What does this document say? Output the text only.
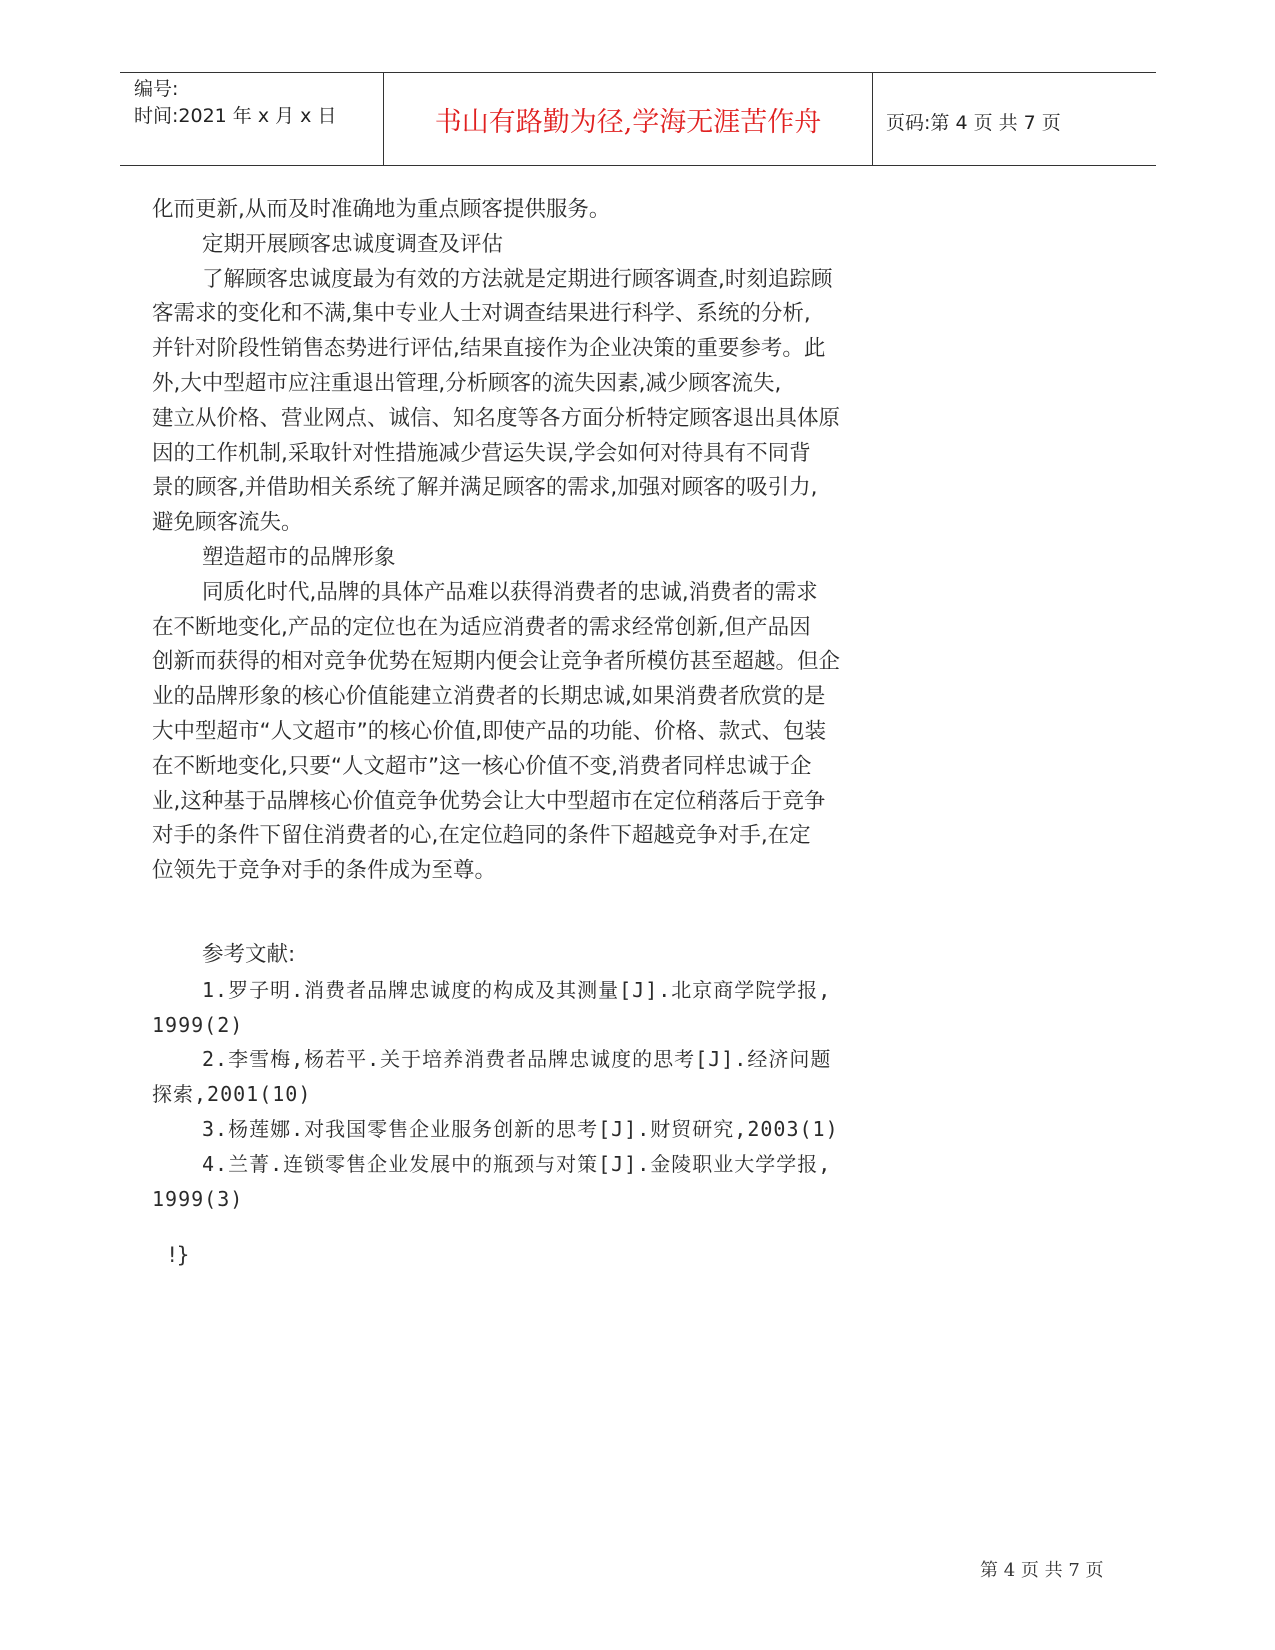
编号:
时间:2021 年 x 月 x 日	书山有路勤为径,学海无涯苦作舟	页码:第 4 页 共 7 页
化而更新,从而及时准确地为重点顾客提供服务。
定期开展顾客忠诚度调查及评估
了解顾客忠诚度最为有效的方法就是定期进行顾客调查,时刻追踪顾
客需求的变化和不满,集中专业人士对调查结果进行科学、系统的分析,
并针对阶段性销售态势进行评估,结果直接作为企业决策的重要参考。此
外,大中型超市应注重退出管理,分析顾客的流失因素,减少顾客流失,
建立从价格、营业网点、诚信、知名度等各方面分析特定顾客退出具体原
因的工作机制,采取针对性措施减少营运失误,学会如何对待具有不同背
景的顾客,并借助相关系统了解并满足顾客的需求,加强对顾客的吸引力,
避免顾客流失。
塑造超市的品牌形象
同质化时代,品牌的具体产品难以获得消费者的忠诚,消费者的需求
在不断地变化,产品的定位也在为适应消费者的需求经常创新,但产品因
创新而获得的相对竞争优势在短期内便会让竞争者所模仿甚至超越。但企
业的品牌形象的核心价值能建立消费者的长期忠诚,如果消费者欣赏的是
大中型超市“人文超市”的核心价值,即使产品的功能、价格、款式、包装
在不断地变化,只要“人文超市”这一核心价值不变,消费者同样忠诚于企
业,这种基于品牌核心价值竞争优势会让大中型超市在定位稍落后于竞争
对手的条件下留住消费者的心,在定位趋同的条件下超越竞争对手,在定
位领先于竞争对手的条件成为至尊。
参考文献:
1.罗子明.消费者品牌忠诚度的构成及其测量[J].北京商学院学报,
1999(2)
2.李雪梅,杨若平.关于培养消费者品牌忠诚度的思考[J].经济问题
探索,2001(10)
3.杨莲娜.对我国零售企业服务创新的思考[J].财贸研究,2003(1)
4.兰菁.连锁零售企业发展中的瓶颈与对策[J].金陵职业大学学报,
1999(3)
!}
第 4 页 共 7 页
